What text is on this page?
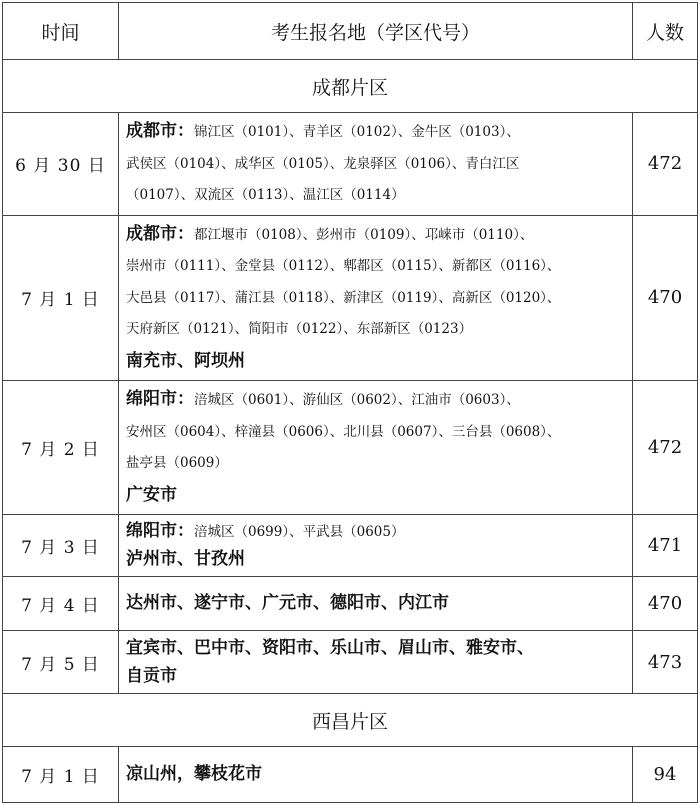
时间	考生报名地（学区代号）	人数
成都片区		
6 月 30 日	成都市：锦江区（0101）、青羊区（0102）、金牛区（0103）、
武侯区（0104）、成华区（0105）、龙泉驿区（0106）、青白江区
（0107）、双流区（0113）、温江区（0114）	472
7 月 1 日	成都市：都江堰市（0108）、彭州市（0109）、邛崃市（0110）、
崇州市（0111）、金堂县（0112）、郫都区（0115）、新都区（0116）、
大邑县（0117）、蒲江县（0118）、新津区（0119）、高新区（0120）、
天府新区（0121）、简阳市（0122）、东部新区（0123）
南充市、阿坝州	470
7 月 2 日	绵阳市：涪城区（0601）、游仙区（0602）、江油市（0603）、
安州区（0604）、梓潼县（0606）、北川县（0607）、三台县（0608）、
盐亭县（0609）
广安市	472
7 月 3 日	绵阳市：涪城区（0699）、平武县（0605）
泸州市、甘孜州	471
7 月 4 日	达州市、遂宁市、广元市、德阳市、内江市	470
7 月 5 日	宜宾市、巴中市、资阳市、乐山市、眉山市、雅安市、
自贡市	473
西昌片区		
7 月 1 日	凉山州，攀枝花市	94
